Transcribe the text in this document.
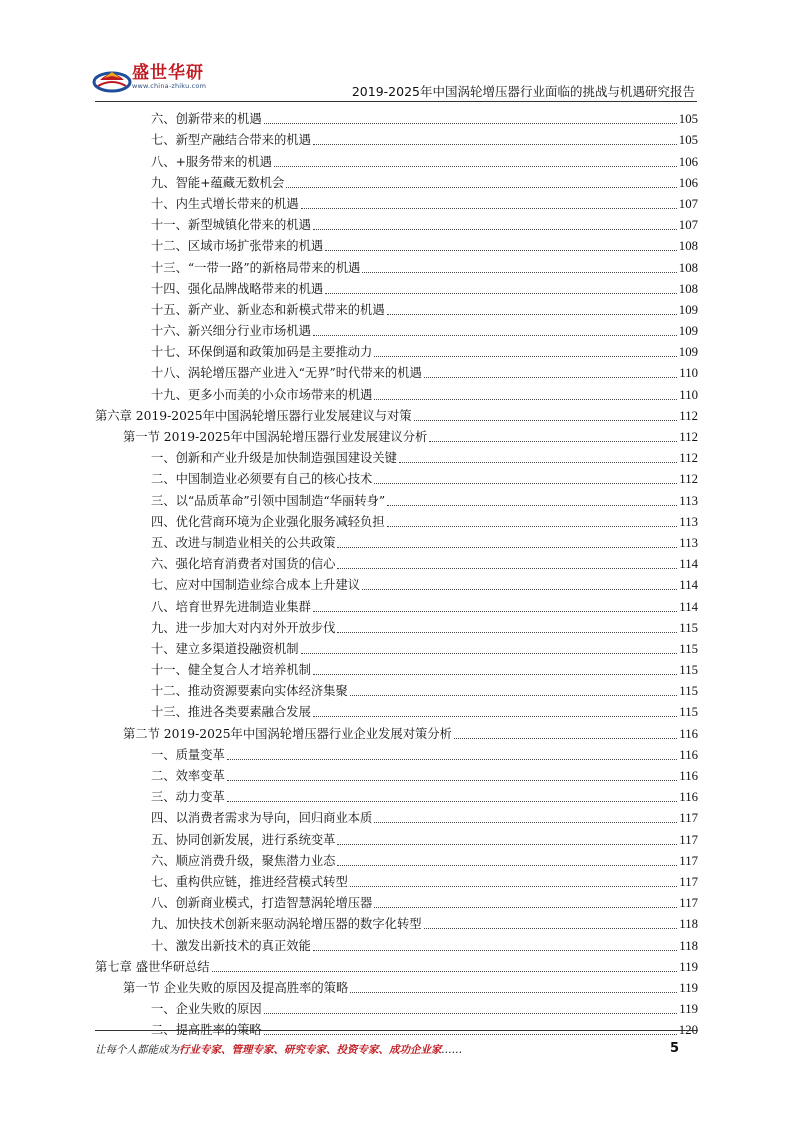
盛世华研
www.china-zhiku.com	2019-2025年中国涡轮增压器行业面临的挑战与机遇研究报告
六、创新带来的机遇	105
七、新型产融结合带来的机遇	105
八、+服务带来的机遇	106
九、智能+蕴藏无数机会	106
十、内生式增长带来的机遇	107
十一、新型城镇化带来的机遇	107
十二、区域市场扩张带来的机遇	108
十三、“一带一路”的新格局带来的机遇	108
十四、强化品牌战略带来的机遇	108
十五、新产业、新业态和新模式带来的机遇	109
十六、新兴细分行业市场机遇	109
十七、环保倒逼和政策加码是主要推动力	109
十八、涡轮增压器产业进入“无界”时代带来的机遇	110
十九、更多小而美的小众市场带来的机遇	110
第六章 2019-2025年中国涡轮增压器行业发展建议与对策	112
第一节 2019-2025年中国涡轮增压器行业发展建议分析	112
一、创新和产业升级是加快制造强国建设关键	112
二、中国制造业必须要有自己的核心技术	112
三、以“品质革命”引领中国制造“华丽转身”	113
四、优化营商环境为企业强化服务减轻负担	113
五、改进与制造业相关的公共政策	113
六、强化培育消费者对国货的信心	114
七、应对中国制造业综合成本上升建议	114
八、培育世界先进制造业集群	114
九、进一步加大对内对外开放步伐	115
十、建立多渠道投融资机制	115
十一、健全复合人才培养机制	115
十二、推动资源要素向实体经济集聚	115
十三、推进各类要素融合发展	115
第二节 2019-2025年中国涡轮增压器行业企业发展对策分析	116
一、质量变革	116
二、效率变革	116
三、动力变革	116
四、以消费者需求为导向，回归商业本质	117
五、协同创新发展，进行系统变革	117
六、顺应消费升级，聚焦潜力业态	117
七、重构供应链，推进经营模式转型	117
八、创新商业模式，打造智慧涡轮增压器	117
九、加快技术创新来驱动涡轮增压器的数字化转型	118
十、激发出新技术的真正效能	118
第七章 盛世华研总结	119
第一节 企业失败的原因及提高胜率的策略	119
一、企业失败的原因	119
二、提高胜率的策略	120
让每个人都能成为行业专家、管理专家、研究专家、投资专家、成功企业家……	5
